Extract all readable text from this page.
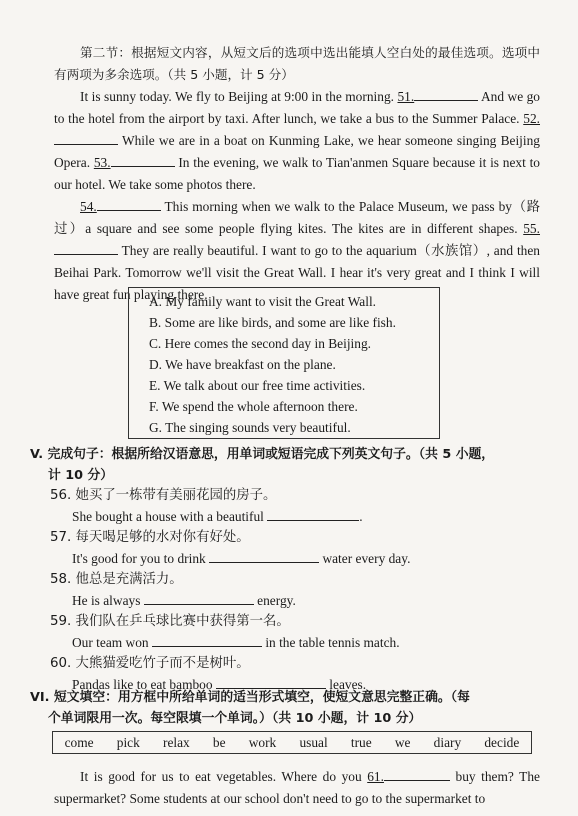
第二节：根据短文内容，从短文后的选项中选出能填人空白处的最佳选项。选项中有两项为多余选项。（共 5 小题，计 5 分）
It is sunny today. We fly to Beijing at 9:00 in the morning. 51.	And we go to the hotel from the airport by taxi. After lunch, we take a bus to the Summer Palace. 52. While we are in a boat on Kunming Lake, we hear someone singing Beijing Opera. 53.	In the evening, we walk to Tian'anmen Square because it is next to our hotel. We take some photos there.
54.	This morning when we walk to the Palace Museum, we pass by（路过）a square and see some people flying kites. The kites are in different shapes. 55. They are really beautiful. I want to go to the aquarium（水族馆）, and then Beihai Park. Tomorrow we'll visit the Great Wall. I hear it's very great and I think I will have great fun playing there.
A. My family want to visit the Great Wall.
B. Some are like birds, and some are like fish.
C. Here comes the second day in Beijing.
D. We have breakfast on the plane.
E. We talk about our free time activities.
F. We spend the whole afternoon there.
G. The singing sounds very beautiful.
V. 完成句子：根据所给汉语意思，用单词或短语完成下列英文句子。（共 5 小题，
计 10 分）
56. 她买了一栋带有美丽花园的房子。
She bought a house with a beautiful	.
57. 每天喝足够的水对你有好处。
It's good for you to drink	water every day.
58. 他总是充满活力。
He is always	energy.
59. 我们队在乒乓球比赛中获得第一名。
Our team won	in the table tennis match.
60. 大熊猫爱吃竹子而不是树叶。
Pandas like to eat bamboo	leaves.
VI. 短文填空：用方框中所给单词的适当形式填空，使短文意思完整正确。（每
个单词限用一次。每空限填一个单词。）（共 10 小题，计 10 分）
come pick relax be work usual true we diary decide
It is good for us to eat vegetables. Where do you 61.	buy them? The supermarket? Some students at our school don't need to go to the supermarket to
